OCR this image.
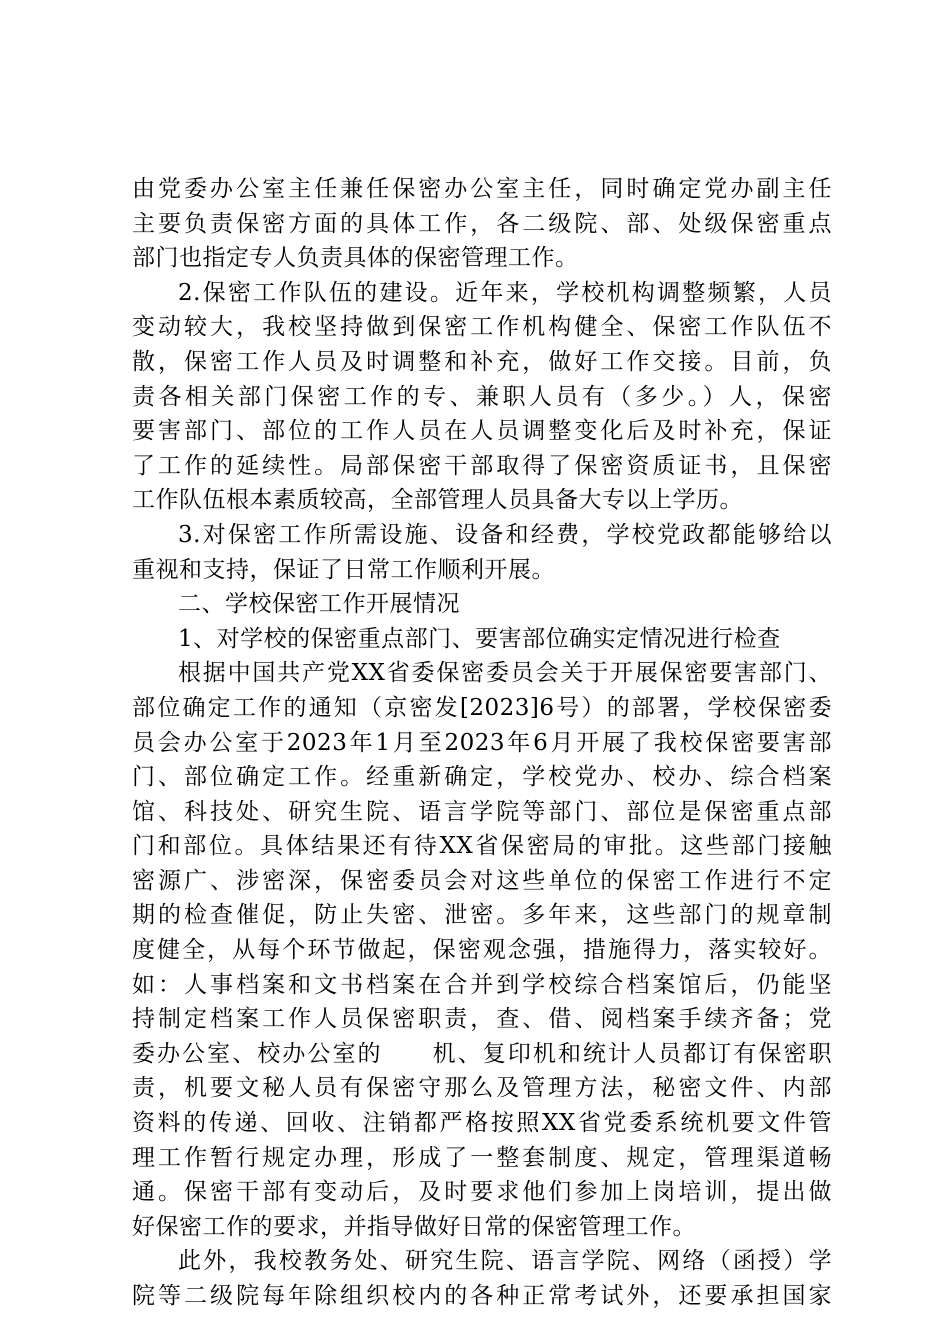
由党委办公室主任兼任保密办公室主任，同时确定党办副主任
主要负责保密方面的具体工作，各二级院、部、处级保密重点
部门也指定专人负责具体的保密管理工作。
2.保密工作队伍的建设。近年来，学校机构调整频繁，人员
变动较大，我校坚持做到保密工作机构健全、保密工作队伍不
散，保密工作人员及时调整和补充，做好工作交接。目前，负
责各相关部门保密工作的专、兼职人员有（多少。）人，保密
要害部门、部位的工作人员在人员调整变化后及时补充，保证
了工作的延续性。局部保密干部取得了保密资质证书，且保密
工作队伍根本素质较高，全部管理人员具备大专以上学历。
3.对保密工作所需设施、设备和经费，学校党政都能够给以
重视和支持，保证了日常工作顺利开展。
二、学校保密工作开展情况
1、对学校的保密重点部门、要害部位确实定情况进行检查
根据中国共产党XX省委保密委员会关于开展保密要害部门、
部位确定工作的通知（京密发[2023]6号）的部署，学校保密委
员会办公室于2023年1月至2023年6月开展了我校保密要害部
门、部位确定工作。经重新确定，学校党办、校办、综合档案
馆、科技处、研究生院、语言学院等部门、部位是保密重点部
门和部位。具体结果还有待XX省保密局的审批。这些部门接触
密源广、涉密深，保密委员会对这些单位的保密工作进行不定
期的检查催促，防止失密、泄密。多年来，这些部门的规章制
度健全，从每个环节做起，保密观念强，措施得力，落实较好。
如：人事档案和文书档案在合并到学校综合档案馆后，仍能坚
持制定档案工作人员保密职责，查、借、阅档案手续齐备；党
委办公室、校办公室的　　机、复印机和统计人员都订有保密职
责，机要文秘人员有保密守那么及管理方法，秘密文件、内部
资料的传递、回收、注销都严格按照XX省党委系统机要文件管
理工作暂行规定办理，形成了一整套制度、规定，管理渠道畅
通。保密干部有变动后，及时要求他们参加上岗培训，提出做
好保密工作的要求，并指导做好日常的保密管理工作。
此外，我校教务处、研究生院、语言学院、网络（函授）学
院等二级院每年除组织校内的各种正常考试外，还要承担国家
